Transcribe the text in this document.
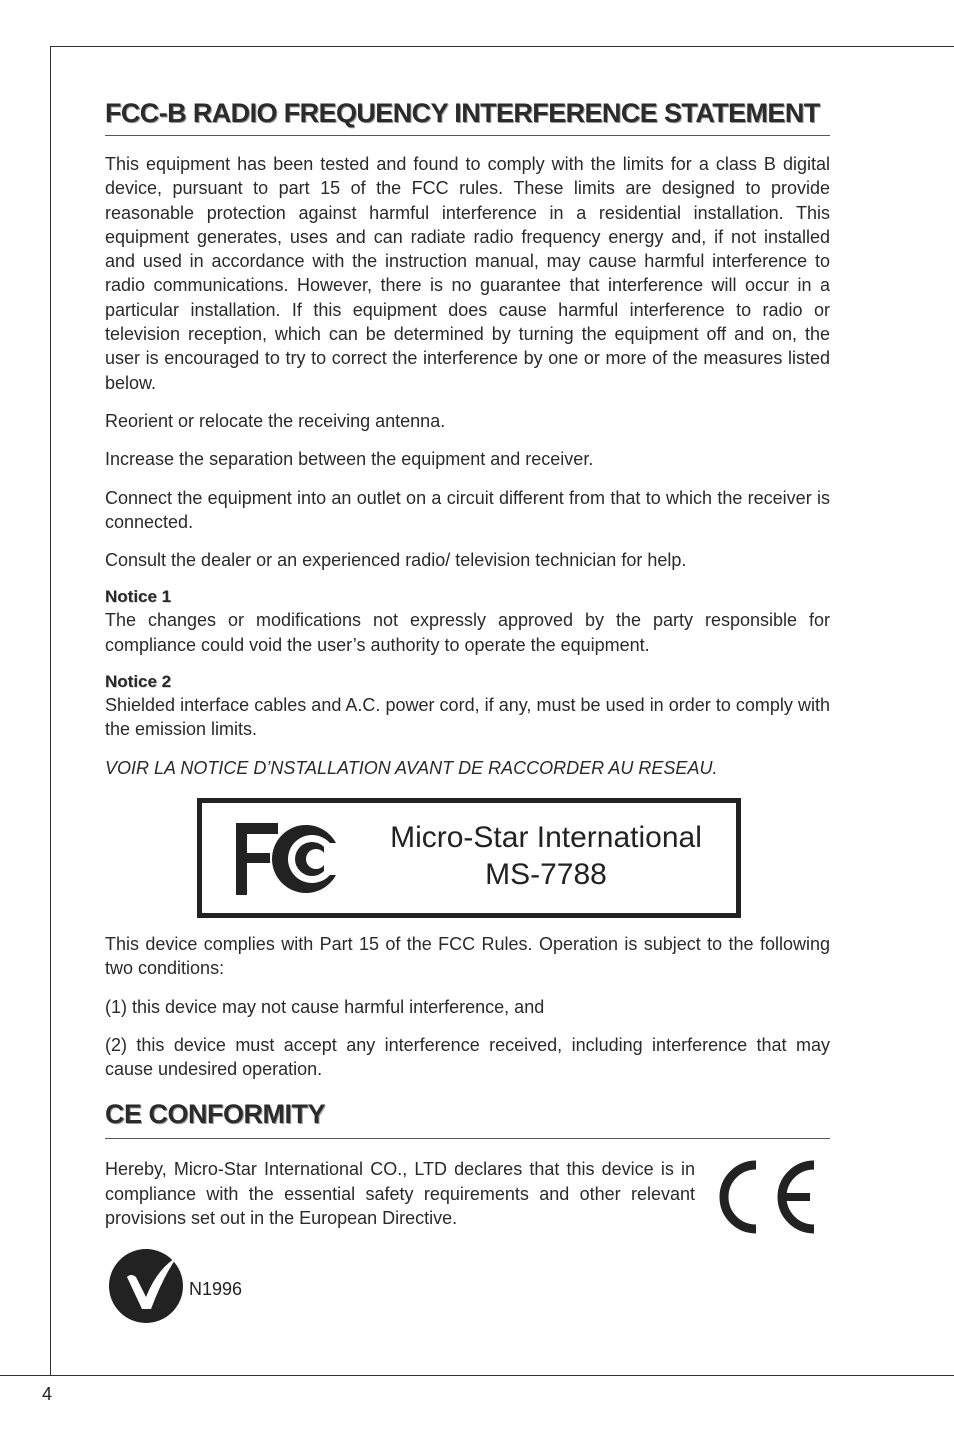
4
FCC-B RADIO FREQUENCY INTERFERENCE STATEMENT

This equipment has been tested and found to comply with the limits for a class B digital device, pursuant to part 15 of the FCC rules. These limits are designed to provide reasonable protection against harmful interference in a residential installation. This equipment generates, uses and can radiate radio frequency energy and, if not installed and used in accordance with the instruction manual, may cause harmful interference to radio communications. However, there is no guarantee that interference will occur in a particular installation. If this equipment does cause harmful interference to radio or television reception, which can be determined by turning the equipment off and on, the user is encouraged to try to correct the interference by one or more of the measures listed below.

Reorient or relocate the receiving antenna.

Increase the separation between the equipment and receiver.

Connect the equipment into an outlet on a circuit different from that to which the receiver is connected.

Consult the dealer or an experienced radio/ television technician for help.

Notice 1

The changes or modifications not expressly approved by the party responsible for compliance could void the user’s authority to operate the equipment.

Notice 2

Shielded interface cables and A.C. power cord, if any, must be used in order to comply with the emission limits.

VOIR LA NOTICE D’NSTALLATION AVANT DE RACCORDER AU RESEAU.

Micro-Star International
MS-7788

This device complies with Part 15 of the FCC Rules. Operation is subject to the following two conditions:

(1) this device may not cause harmful interference, and

(2) this device must accept any interference received, including interference that may cause undesired operation.

CE CONFORMITY

Hereby, Micro-Star International CO., LTD declares that this device is in compliance with the essential safety requirements and other relevant provisions set out in the European Directive.

N1996
